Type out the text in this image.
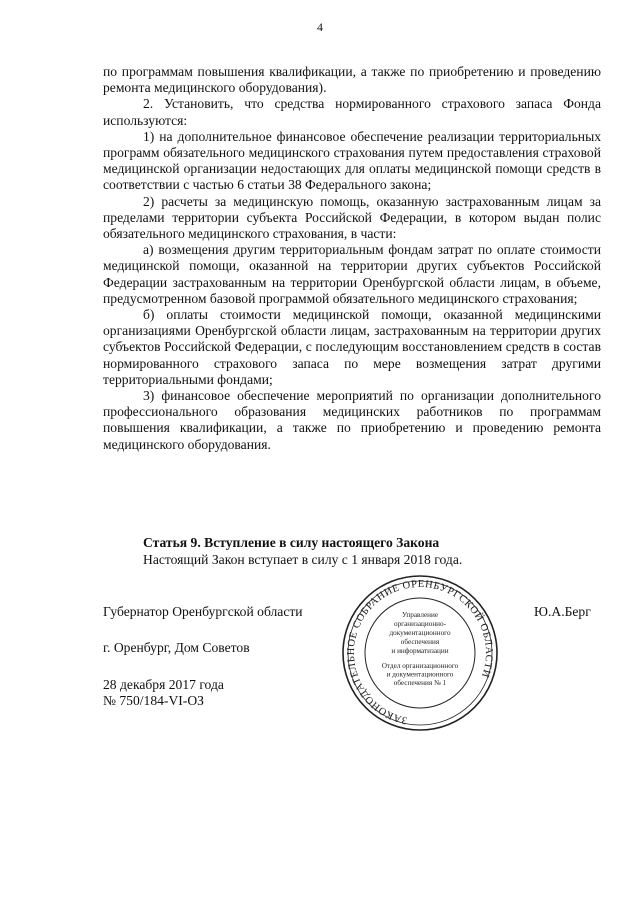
4

по программам повышения квалификации, а также по приобретению и проведению ремонта медицинского оборудования).

2. Установить, что средства нормированного страхового запаса Фонда используются:

1) на дополнительное финансовое обеспечение реализации территориальных программ обязательного медицинского страхования путем предоставления страховой медицинской организации недостающих для оплаты медицинской помощи средств в соответствии с частью 6 статьи 38 Федерального закона;

2) расчеты за медицинскую помощь, оказанную застрахованным лицам за пределами территории субъекта Российской Федерации, в котором выдан полис обязательного медицинского страхования, в части:

а) возмещения другим территориальным фондам затрат по оплате стоимости медицинской помощи, оказанной на территории других субъектов Российской Федерации застрахованным на территории Оренбургской области лицам, в объеме, предусмотренном базовой программой обязательного медицинского страхования;

б) оплаты стоимости медицинской помощи, оказанной медицинскими организациями Оренбургской области лицам, застрахованным на территории других субъектов Российской Федерации, с последующим восстановлением средств в состав нормированного страхового запаса по мере возмещения затрат другими территориальными фондами;

3) финансовое обеспечение мероприятий по организации дополнительного профессионального образования медицинских работников по программам повышения квалификации, а также по приобретению и проведению ремонта медицинского оборудования.

Статья 9. Вступление в силу настоящего Закона
Настоящий Закон вступает в силу с 1 января 2018 года.
Губернатор Оренбургской области
г. Оренбург, Дом Советов
28 декабря 2017 года
№ 750/184-VI-ОЗ
Ю.А.Берг
ЗАКОНОДАТЕЛЬНОЕ СОБРАНИЕ ОРЕНБУРГСКОЙ ОБЛАСТИ
Управление
организационно-
документационного
обеспечения
и информатизации
Отдел организационного
и документационного
обеспечения № 1
